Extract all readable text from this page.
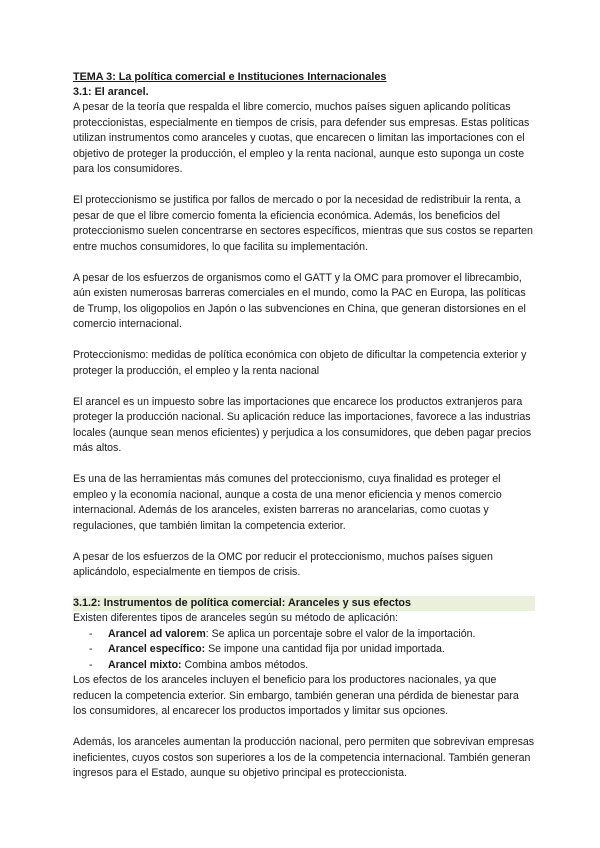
TEMA 3: La política comercial e Instituciones Internacionales
3.1: El arancel.

A pesar de la teoría que respalda el libre comercio, muchos países siguen aplicando políticas proteccionistas, especialmente en tiempos de crisis, para defender sus empresas. Estas políticas utilizan instrumentos como aranceles y cuotas, que encarecen o limitan las importaciones con el objetivo de proteger la producción, el empleo y la renta nacional, aunque esto suponga un coste para los consumidores.

El proteccionismo se justifica por fallos de mercado o por la necesidad de redistribuir la renta, a pesar de que el libre comercio fomenta la eficiencia económica. Además, los beneficios del proteccionismo suelen concentrarse en sectores específicos, mientras que sus costos se reparten entre muchos consumidores, lo que facilita su implementación.

A pesar de los esfuerzos de organismos como el GATT y la OMC para promover el librecambio, aún existen numerosas barreras comerciales en el mundo, como la PAC en Europa, las políticas de Trump, los oligopolios en Japón o las subvenciones en China, que generan distorsiones en el comercio internacional.

Proteccionismo: medidas de política económica con objeto de dificultar la competencia exterior y proteger la producción, el empleo y la renta nacional

El arancel es un impuesto sobre las importaciones que encarece los productos extranjeros para proteger la producción nacional. Su aplicación reduce las importaciones, favorece a las industrias locales (aunque sean menos eficientes) y perjudica a los consumidores, que deben pagar precios más altos.

Es una de las herramientas más comunes del proteccionismo, cuya finalidad es proteger el empleo y la economía nacional, aunque a costa de una menor eficiencia y menos comercio internacional. Además de los aranceles, existen barreras no arancelarias, como cuotas y regulaciones, que también limitan la competencia exterior.

A pesar de los esfuerzos de la OMC por reducir el proteccionismo, muchos países siguen aplicándolo, especialmente en tiempos de crisis.

3.1.2: Instrumentos de política comercial: Aranceles y sus efectos

Existen diferentes tipos de aranceles según su método de aplicación:

- Arancel ad valorem: Se aplica un porcentaje sobre el valor de la importación.
- Arancel específico: Se impone una cantidad fija por unidad importada.
- Arancel mixto: Combina ambos métodos.

Los efectos de los aranceles incluyen el beneficio para los productores nacionales, ya que reducen la competencia exterior. Sin embargo, también generan una pérdida de bienestar para los consumidores, al encarecer los productos importados y limitar sus opciones.

Además, los aranceles aumentan la producción nacional, pero permiten que sobrevivan empresas ineficientes, cuyos costos son superiores a los de la competencia internacional. También generan ingresos para el Estado, aunque su objetivo principal es proteccionista.
